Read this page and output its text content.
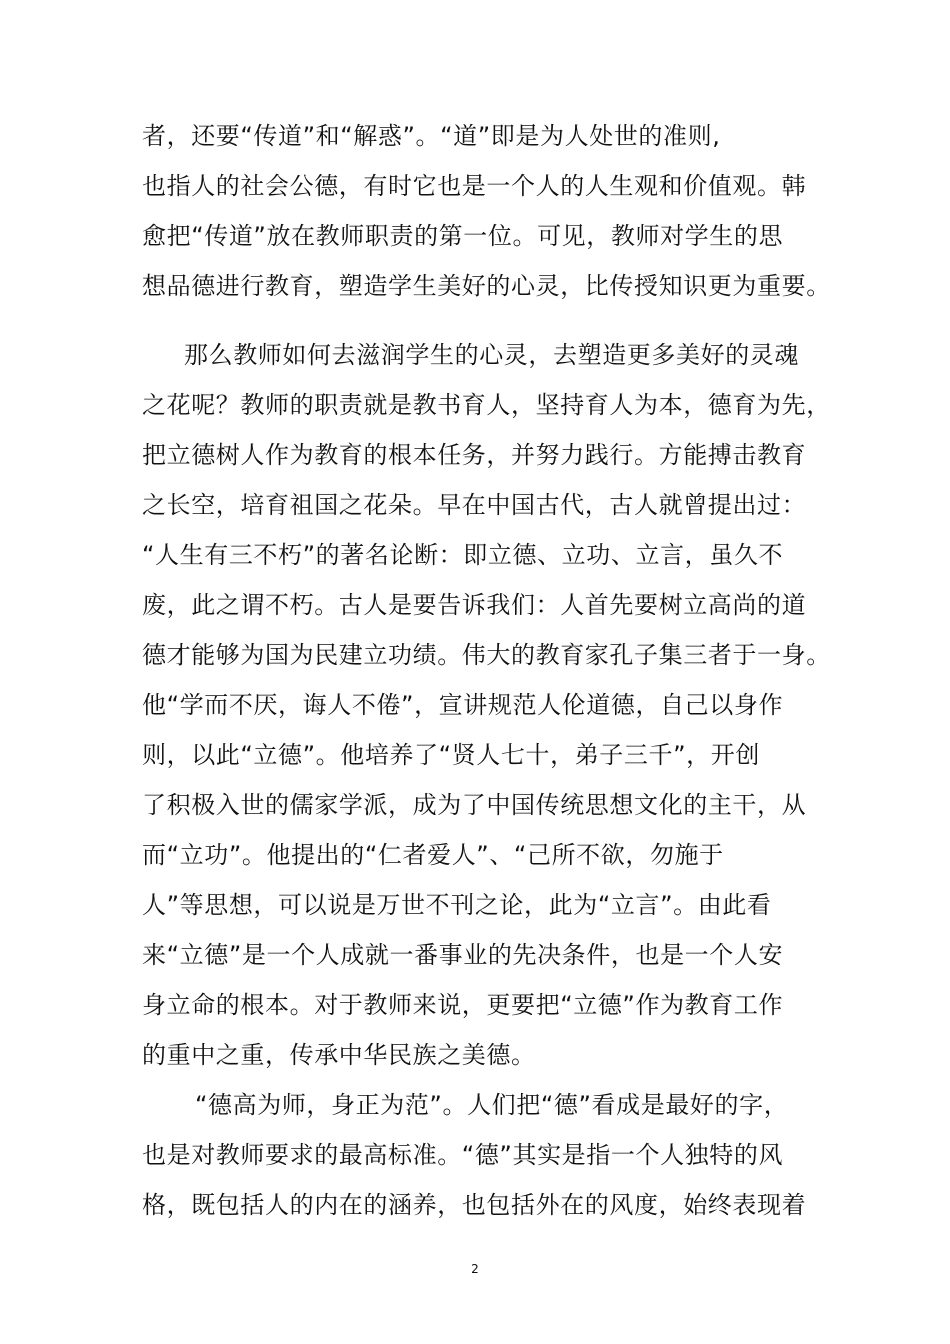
者，还要“传道”和“解惑”。“道”即是为人处世的准则,
也指人的社会公德，有时它也是一个人的人生观和价值观。韩
愈把“传道”放在教师职责的第一位。可见，教师对学生的思
想品德进行教育，塑造学生美好的心灵，比传授知识更为重要。
那么教师如何去滋润学生的心灵，去塑造更多美好的灵魂
之花呢？教师的职责就是教书育人，坚持育人为本，德育为先，
把立德树人作为教育的根本任务，并努力践行。方能搏击教育
之长空，培育祖国之花朵。早在中国古代，古人就曾提出过：
“人生有三不朽”的著名论断：即立德、立功、立言，虽久不
废，此之谓不朽。古人是要告诉我们：人首先要树立高尚的道
德才能够为国为民建立功绩。伟大的教育家孔子集三者于一身。
他“学而不厌，诲人不倦”，宣讲规范人伦道德，自己以身作
则，以此“立德”。他培养了“贤人七十，弟子三千”，开创
了积极入世的儒家学派，成为了中国传统思想文化的主干，从
而“立功”。他提出的“仁者爱人”、“己所不欲，勿施于
人”等思想，可以说是万世不刊之论，此为“立言”。由此看
来“立德”是一个人成就一番事业的先决条件，也是一个人安
身立命的根本。对于教师来说，更要把“立德”作为教育工作
的重中之重，传承中华民族之美德。
“德高为师，身正为范”。人们把“德”看成是最好的字，
也是对教师要求的最高标准。“德”其实是指一个人独特的风
格，既包括人的内在的涵养，也包括外在的风度，始终表现着
2
